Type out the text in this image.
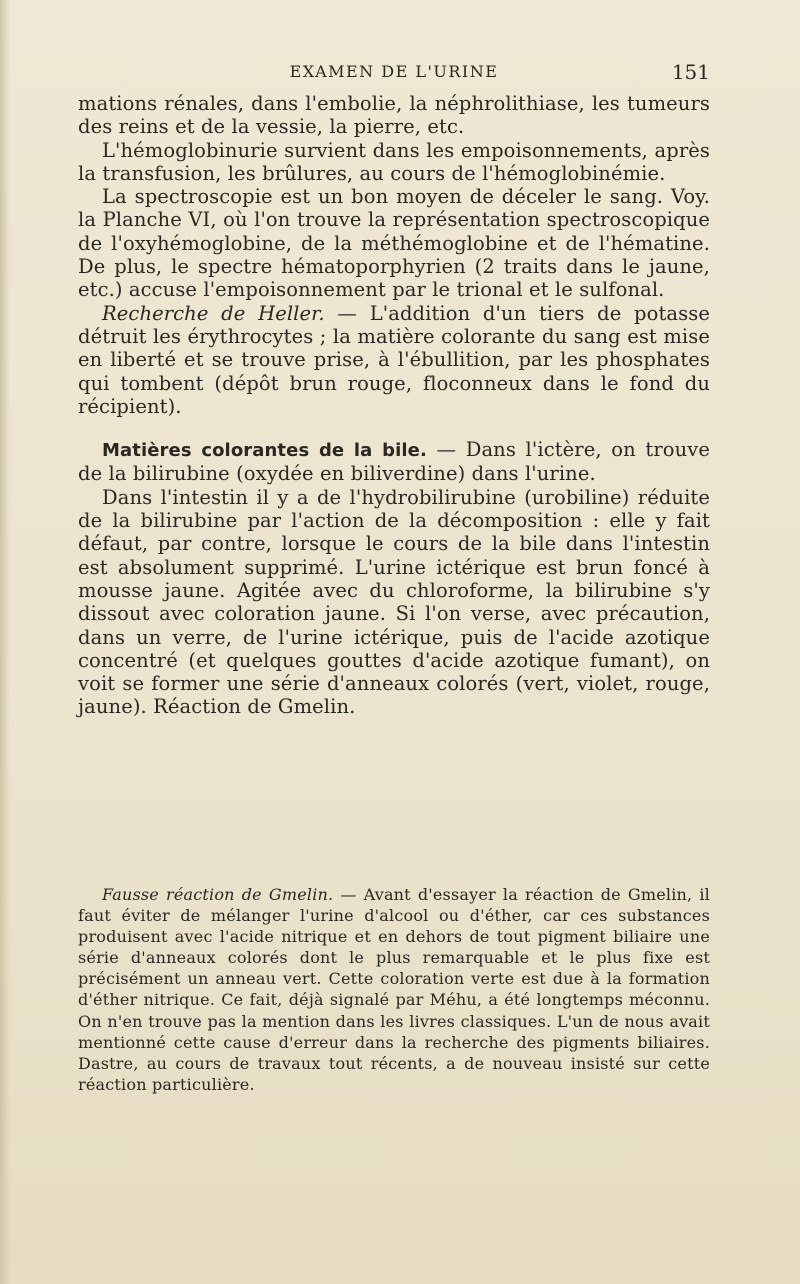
EXAMEN DE L'URINE	151

mations rénales, dans l'embolie, la néphrolithiase, les tumeurs des reins et de la vessie, la pierre, etc.

L'hémoglobinurie survient dans les empoisonnements, après la transfusion, les brûlures, au cours de l'hémoglobinémie.

La spectroscopie est un bon moyen de déceler le sang. Voy. la Planche VI, où l'on trouve la représentation spectroscopique de l'oxyhémoglobine, de la méthémoglobine et de l'hématine. De plus, le spectre hématoporphyrien (2 traits dans le jaune, etc.) accuse l'empoisonnement par le trional et le sulfonal.

Recherche de Heller. — L'addition d'un tiers de potasse détruit les érythrocytes ; la matière colorante du sang est mise en liberté et se trouve prise, à l'ébullition, par les phosphates qui tombent (dépôt brun rouge, floconneux dans le fond du récipient).

Matières colorantes de la bile. — Dans l'ictère, on trouve de la bilirubine (oxydée en biliverdine) dans l'urine.

Dans l'intestin il y a de l'hydrobilirubine (urobiline) réduite de la bilirubine par l'action de la décomposition : elle y fait défaut, par contre, lorsque le cours de la bile dans l'intestin est absolument supprimé. L'urine ictérique est brun foncé à mousse jaune. Agitée avec du chloroforme, la bilirubine s'y dissout avec coloration jaune. Si l'on verse, avec précaution, dans un verre, de l'urine ictérique, puis de l'acide azotique concentré (et quelques gouttes d'acide azotique fumant), on voit se former une série d'anneaux colorés (vert, violet, rouge, jaune). Réaction de Gmelin.

Fausse réaction de Gmelin. — Avant d'essayer la réaction de Gmelin, il faut éviter de mélanger l'urine d'alcool ou d'éther, car ces substances produisent avec l'acide nitrique et en dehors de tout pigment biliaire une série d'anneaux colorés dont le plus remarquable et le plus fixe est précisément un anneau vert. Cette coloration verte est due à la formation d'éther nitrique. Ce fait, déjà signalé par Méhu, a été longtemps méconnu. On n'en trouve pas la mention dans les livres classiques. L'un de nous avait mentionné cette cause d'erreur dans la recherche des pigments biliaires. Dastre, au cours de travaux tout récents, a de nouveau insisté sur cette réaction particulière.
